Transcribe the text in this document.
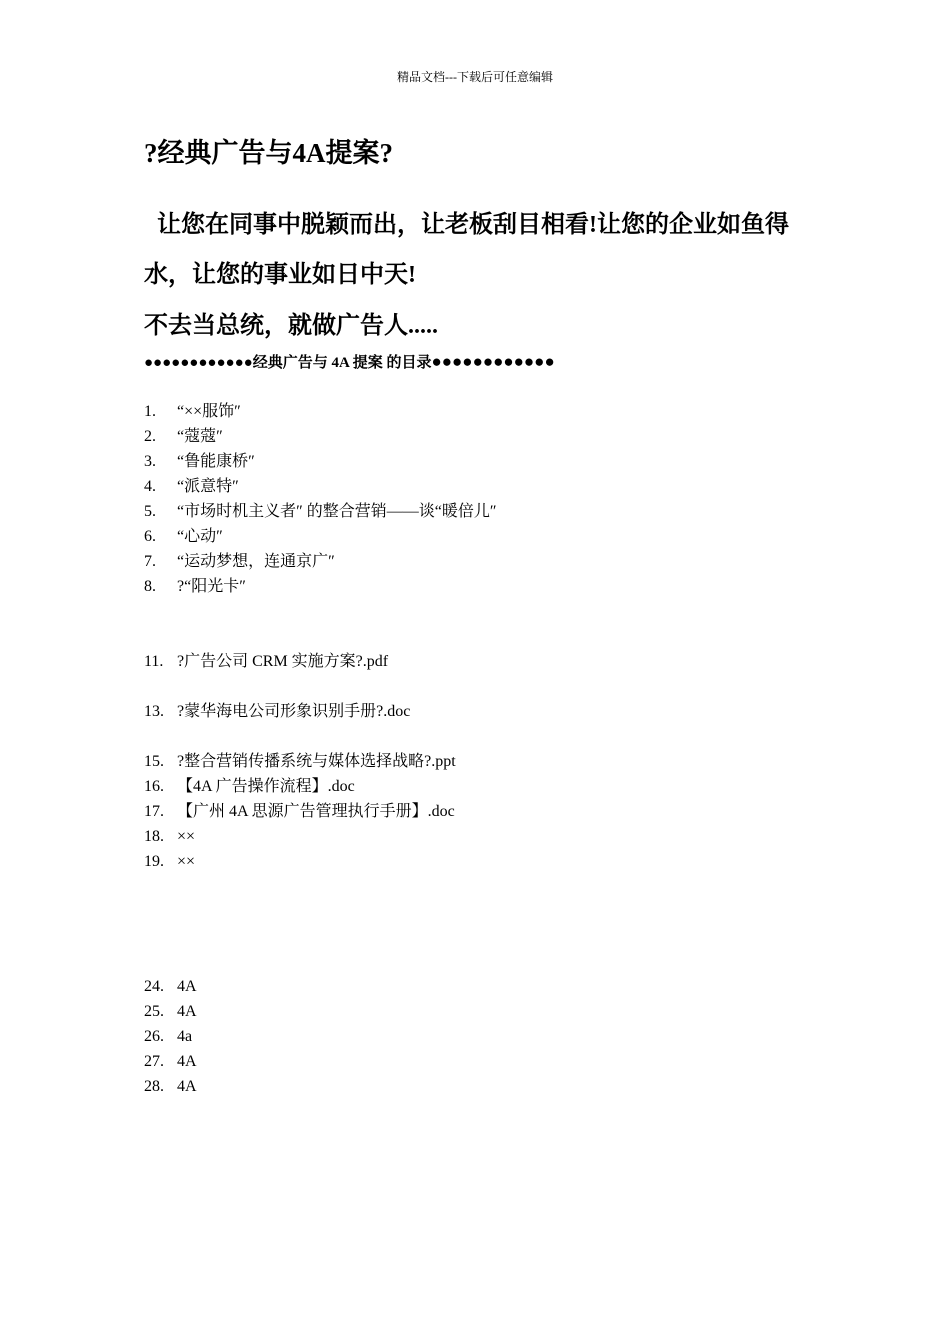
精品文档---下载后可任意编辑
?经典广告与4A提案?
让您在同事中脱颖而出，让老板刮目相看!让您的企业如鱼得水，让您的事业如日中天!
不去当总统，就做广告人.....
●●●●●●●●●●●●经典广告与 4A 提案 的目录●●●●●●●●●●●●
1. “××服饰″
2. “蔻蔻″
3. “鲁能康桥″
4. “派意特″
5. “市场时机主义者″ 的整合营销——谈“暖倍儿″
6. “心动″
7. “运动梦想，连通京广″
8. ?“阳光卡″
11. ?广告公司 CRM 实施方案?.pdf
13. ?蒙华海电公司形象识别手册?.doc
15. ?整合营销传播系统与媒体选择战略?.ppt
16. 【4A 广告操作流程】.doc
17. 【广州 4A 思源广告管理执行手册】.doc
18. ××
19. ××
24. 4A
25. 4A
26. 4a
27. 4A
28. 4A
